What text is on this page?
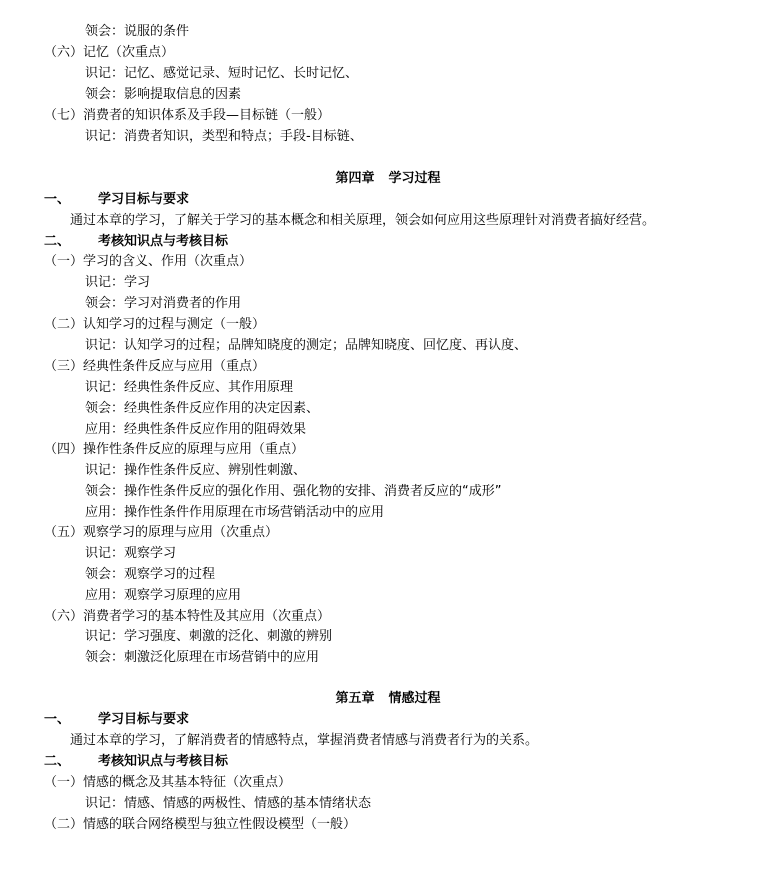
领会：说服的条件
（六）记忆（次重点）
识记：记忆、感觉记录、短时记忆、长时记忆、
领会：影响提取信息的因素
（七）消费者的知识体系及手段—目标链（一般）
识记：消费者知识，类型和特点；手段-目标链、
第四章 学习过程
一、 学习目标与要求
通过本章的学习，了解关于学习的基本概念和相关原理，领会如何应用这些原理针对消费者搞好经营。
二、 考核知识点与考核目标
（一）学习的含义、作用（次重点）
识记：学习
领会：学习对消费者的作用
（二）认知学习的过程与测定（一般）
识记：认知学习的过程；品牌知晓度的测定；品牌知晓度、回忆度、再认度、
（三）经典性条件反应与应用（重点）
识记：经典性条件反应、其作用原理
领会：经典性条件反应作用的决定因素、
应用：经典性条件反应作用的阻碍效果
（四）操作性条件反应的原理与应用（重点）
识记：操作性条件反应、辨别性刺激、
领会：操作性条件反应的强化作用、强化物的安排、消费者反应的“成形”
应用：操作性条件作用原理在市场营销活动中的应用
（五）观察学习的原理与应用（次重点）
识记：观察学习
领会：观察学习的过程
应用：观察学习原理的应用
（六）消费者学习的基本特性及其应用（次重点）
识记：学习强度、刺激的泛化、刺激的辨别
领会：刺激泛化原理在市场营销中的应用
第五章 情感过程
一、 学习目标与要求
通过本章的学习，了解消费者的情感特点，掌握消费者情感与消费者行为的关系。
二、 考核知识点与考核目标
（一）情感的概念及其基本特征（次重点）
识记：情感、情感的两极性、情感的基本情绪状态
（二）情感的联合网络模型与独立性假设模型（一般）
